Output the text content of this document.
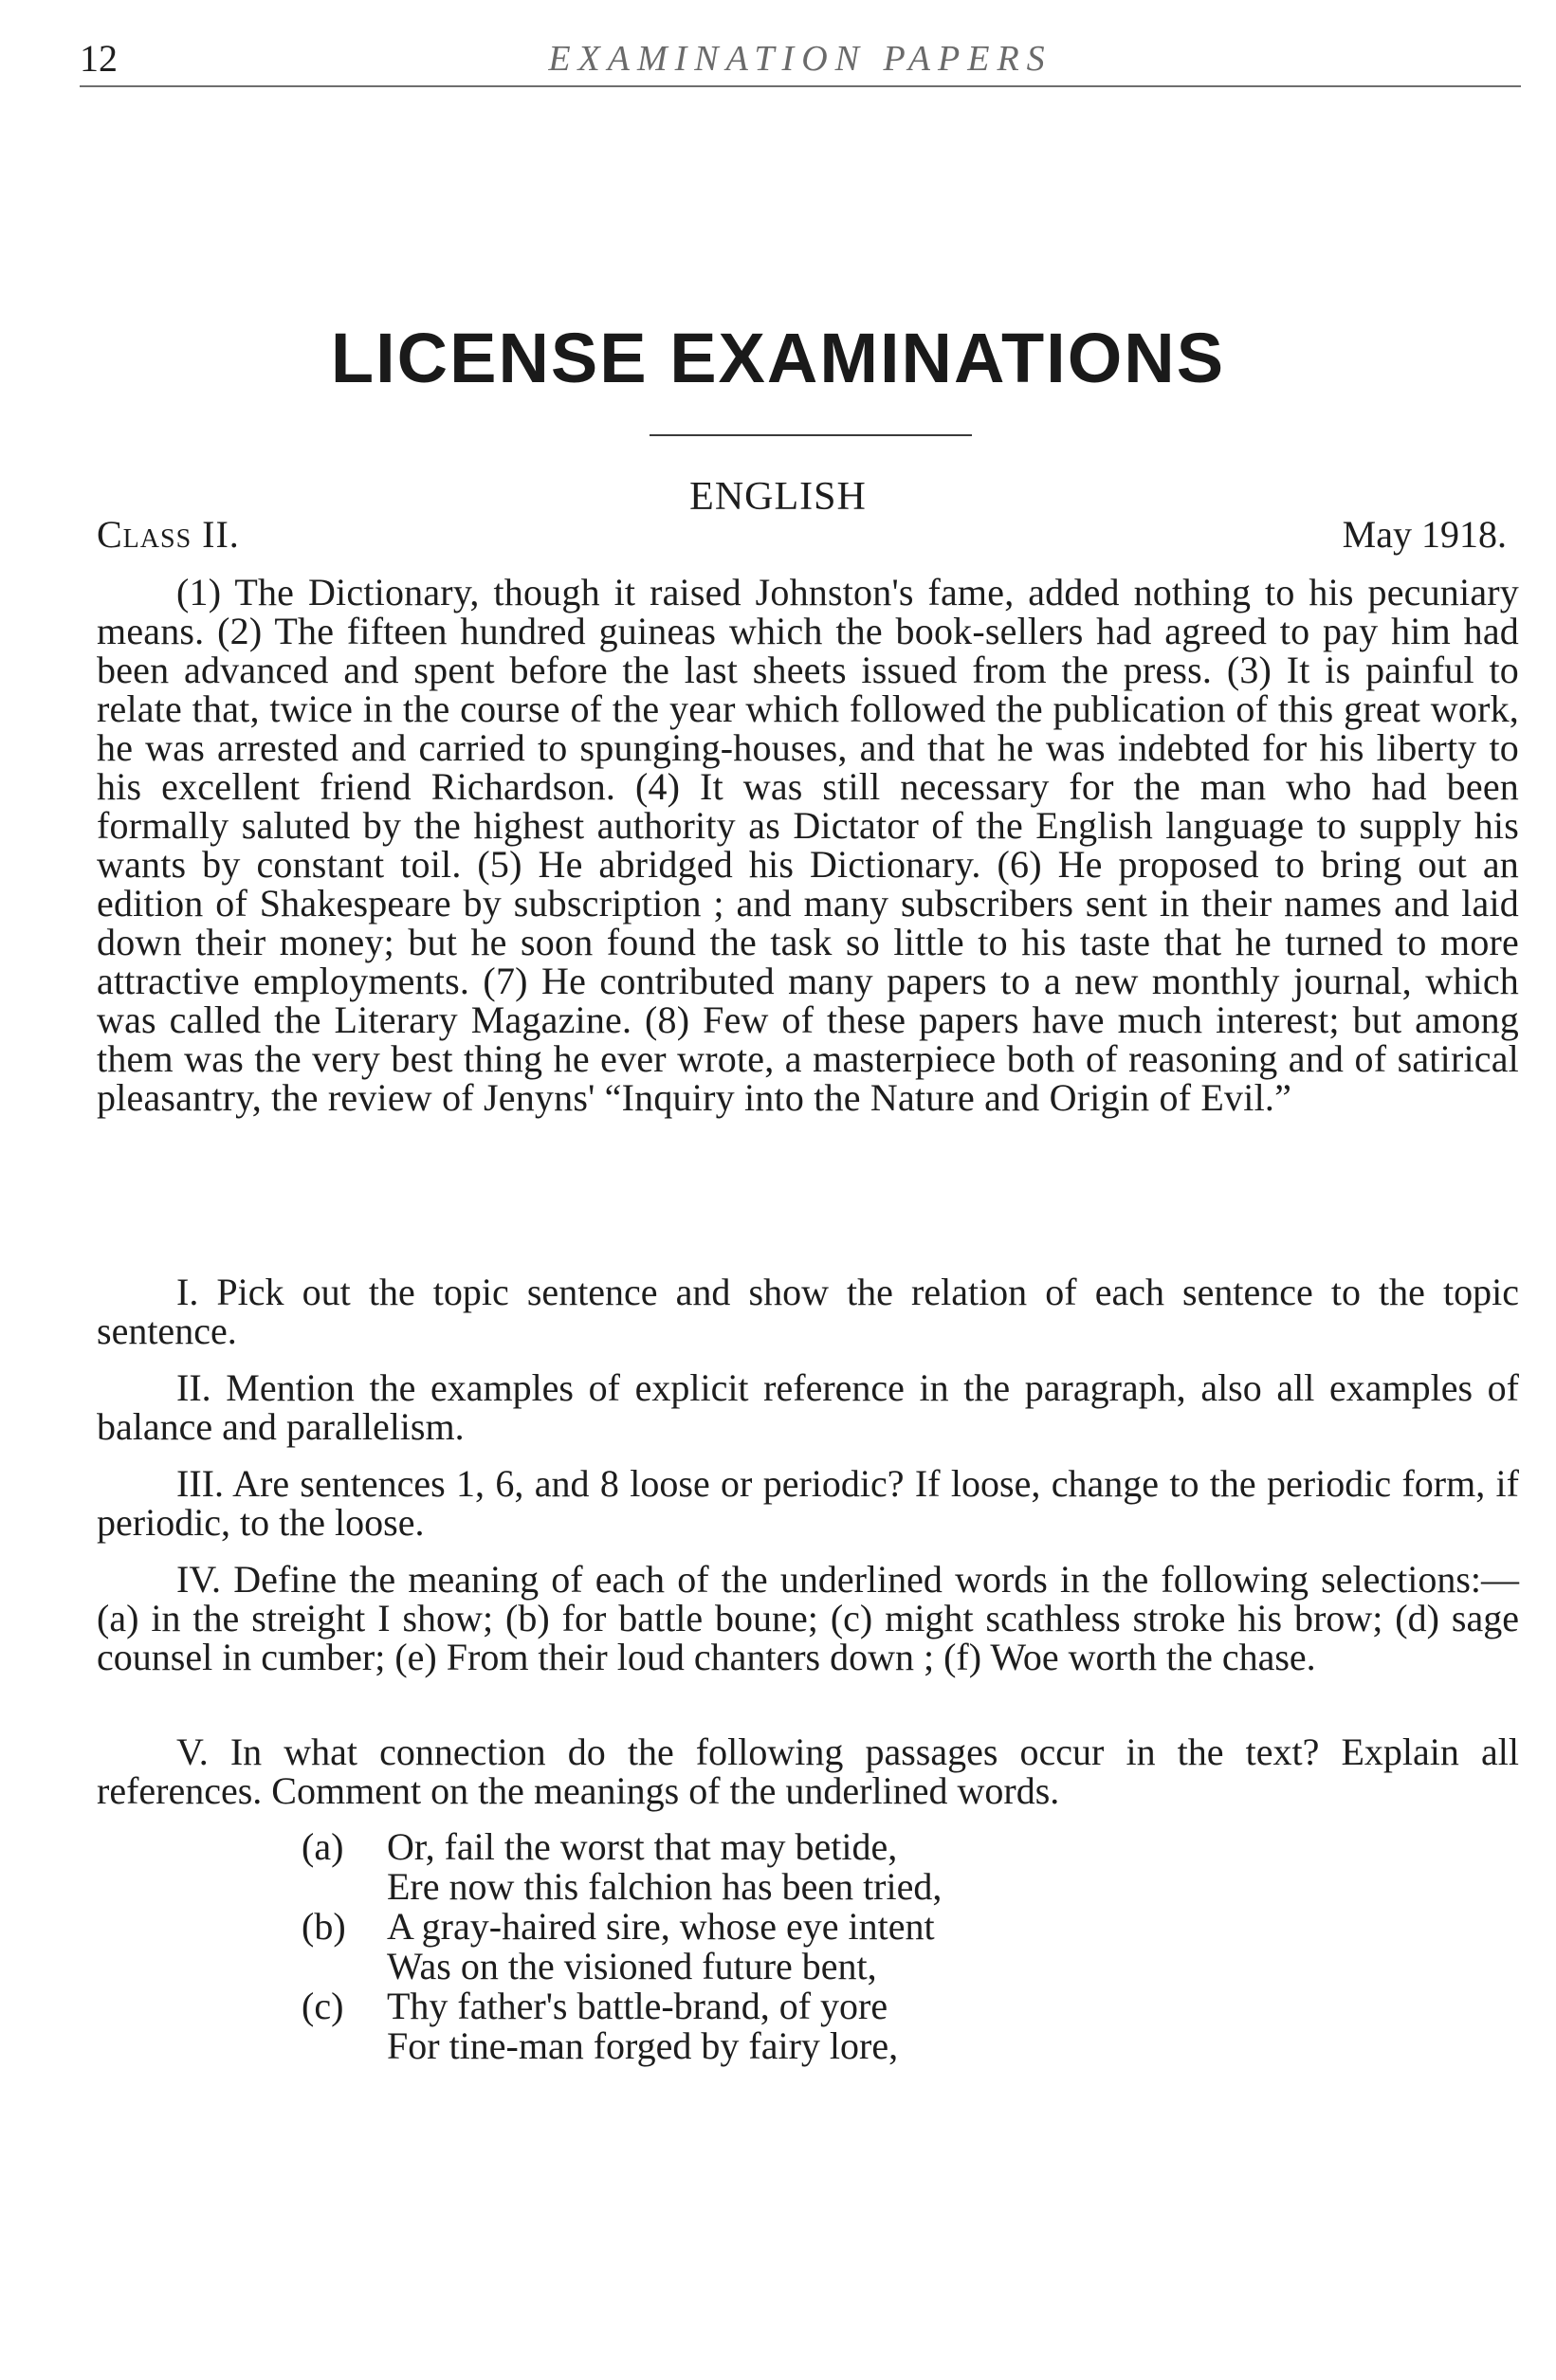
12	EXAMINATION PAPERS
LICENSE EXAMINATIONS
ENGLISH
Class II.	May 1918.

(1) The Dictionary, though it raised Johnston's fame, added nothing to his pecuniary means. (2) The fifteen hundred guineas which the book-sellers had agreed to pay him had been advanced and spent before the last sheets issued from the press. (3) It is painful to relate that, twice in the course of the year which followed the publication of this great work, he was arrested and carried to spunging-houses, and that he was indebted for his liberty to his excellent friend Richardson. (4) It was still necessary for the man who had been formally saluted by the highest authority as Dictator of the English language to supply his wants by constant toil. (5) He abridged his Dictionary. (6) He proposed to bring out an edition of Shakespeare by subscription ; and many subscribers sent in their names and laid down their money; but he soon found the task so little to his taste that he turned to more attractive employments. (7) He contributed many papers to a new monthly journal, which was called the Literary Magazine. (8) Few of these papers have much interest; but among them was the very best thing he ever wrote, a masterpiece both of reasoning and of satirical pleasantry, the review of Jenyns' “Inquiry into the Nature and Origin of Evil.”

I. Pick out the topic sentence and show the relation of each sentence to the topic sentence.

II. Mention the examples of explicit reference in the paragraph, also all examples of balance and parallelism.

III. Are sentences 1, 6, and 8 loose or periodic? If loose, change to the periodic form, if periodic, to the loose.

IV. Define the meaning of each of the underlined words in the following selections:—(a) in the streight I show; (b) for battle boune; (c) might scathless stroke his brow; (d) sage counsel in cumber; (e) From their loud chanters down ; (f) Woe worth the chase.

V. In what connection do the following passages occur in the text? Explain all references. Comment on the meanings of the underlined words.

(a)	Or, fail the worst that may betide,
Ere now this falchion has been tried,
(b)	A gray-haired sire, whose eye intent
Was on the visioned future bent,
(c)	Thy father's battle-brand, of yore
For tine-man forged by fairy lore,
